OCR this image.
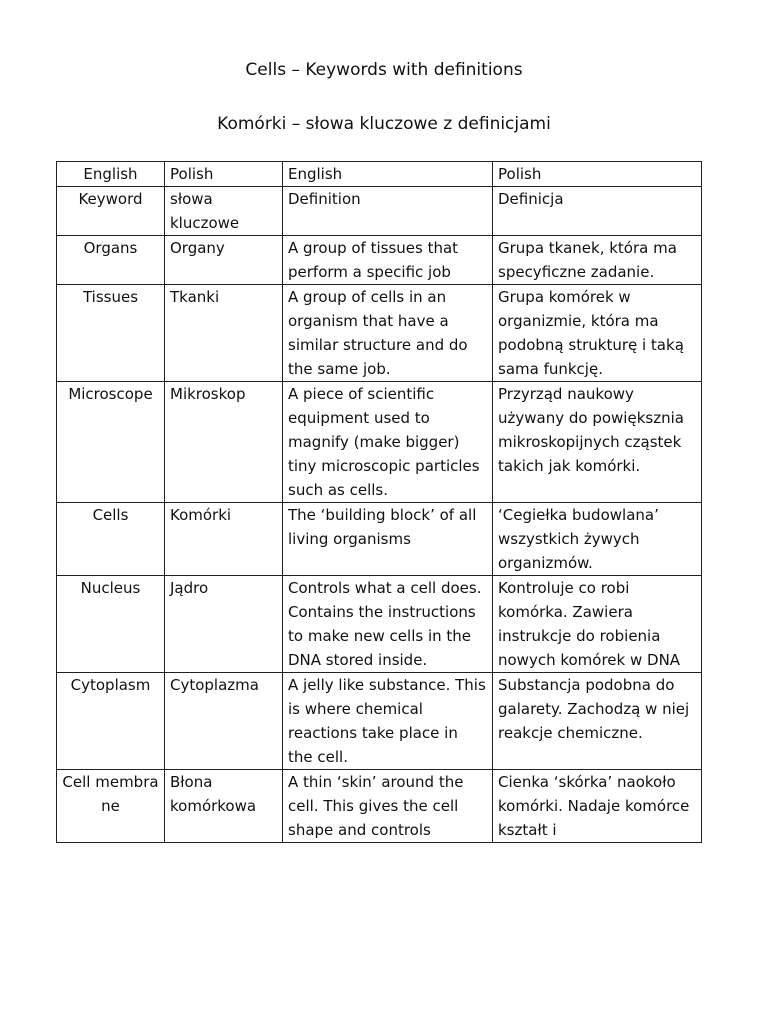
Cells – Keywords with definitions
Komórki – słowa kluczowe z definicjami
English	Polish	English	Polish
Keyword	słowa kluczowe	Definition	Definicja
Organs	Organy	A group of tissues that perform a specific job	Grupa tkanek, która ma specyficzne zadanie.
Tissues	Tkanki	A group of cells in an organism that have a similar structure and do the same job.	Grupa komórek w organizmie, która ma podobną strukturę i taką sama funkcję.
Microscope	Mikroskop	A piece of scientific equipment used to magnify (make bigger) tiny microscopic particles such as cells.	Przyrząd naukowy używany do powiększnia mikroskopijnych cząstek takich jak komórki.
Cells	Komórki	The ‘building block’ of all living organisms	‘Cegiełka budowlana’ wszystkich żywych organizmów.
Nucleus	Jądro	Controls what a cell does. Contains the instructions to make new cells in the DNA stored inside.	Kontroluje co robi komórka. Zawiera instrukcje do robienia nowych komórek w DNA
Cytoplasm	Cytoplazma	A jelly like substance. This is where chemical reactions take place in the cell.	Substancja podobna do galarety. Zachodzą w niej reakcje chemiczne.
Cell membrane	Błona komórkowa	A thin ‘skin’ around the cell. This gives the cell shape and controls	Cienka ‘skórka’ naokoło komórki. Nadaje komórce kształt i
